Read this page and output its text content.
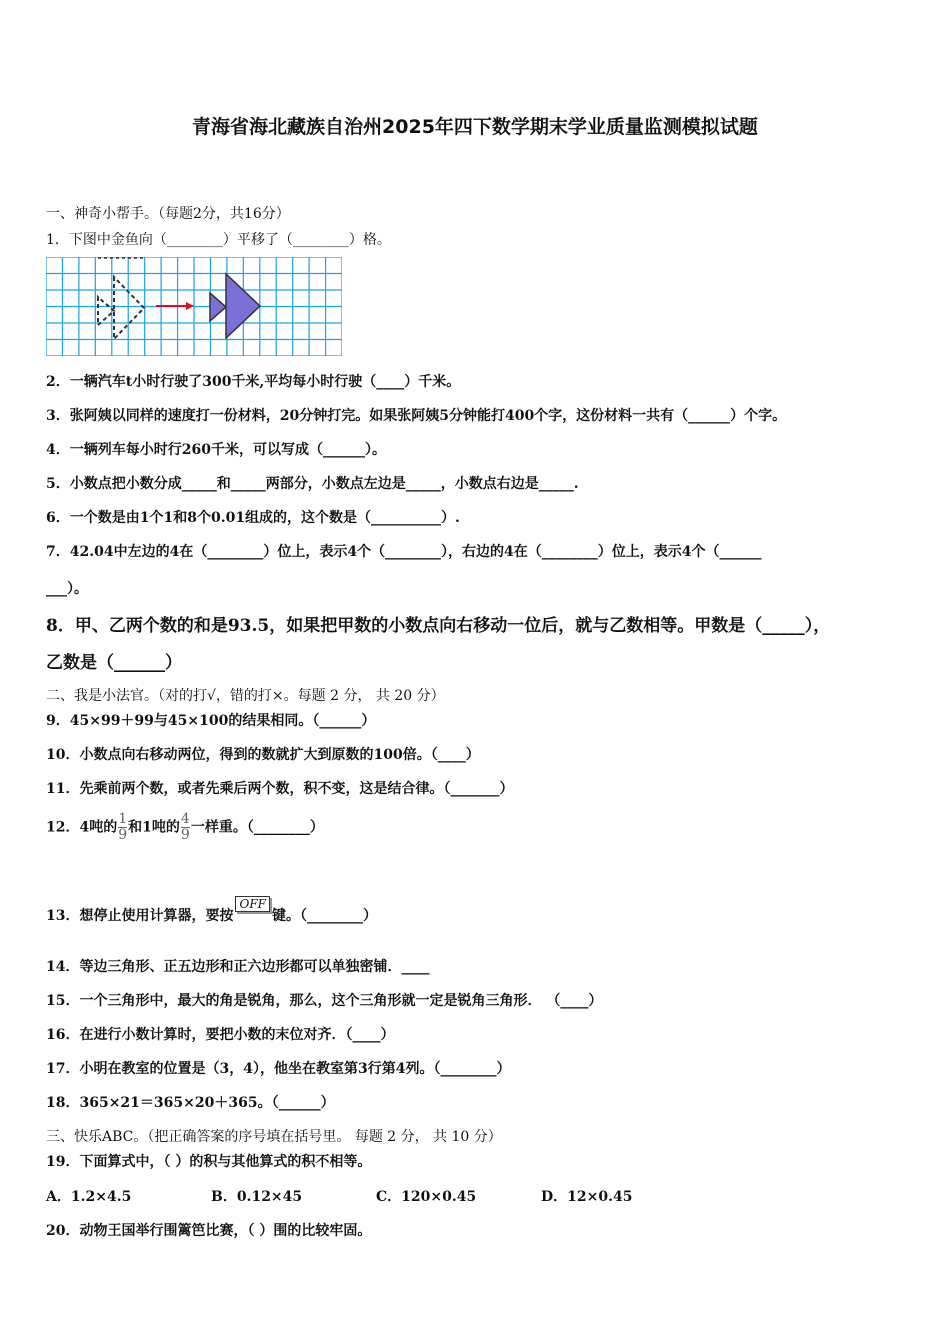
青海省海北藏族自治州2025年四下数学期末学业质量监测模拟试题
一、神奇小帮手。（每题2分，共16分）
1．下图中金鱼向（________）平移了（________）格。
2．一辆汽车t小时行驶了300千米,平均每小时行驶（____）千米。
3．张阿姨以同样的速度打一份材料，20分钟打完。如果张阿姨5分钟能打400个字，这份材料一共有（______）个字。
4．一辆列车每小时行260千米，可以写成（______）。
5．小数点把小数分成_____和_____两部分，小数点左边是_____，小数点右边是_____.
6．一个数是由1个1和8个0.01组成的，这个数是（__________）.
7．42.04中左边的4在（________）位上，表示4个（________），右边的4在（________）位上，表示4个（______
___）。
8．甲、乙两个数的和是93.5，如果把甲数的小数点向右移动一位后，就与乙数相等。甲数是（_____），
乙数是（______）
二、我是小法官。（对的打√，错的打×。每题 2 分， 共 20 分）
9．45×99＋99与45×100的结果相同。（______）
10．小数点向右移动两位，得到的数就扩大到原数的100倍。（____）
11．先乘前两个数，或者先乘后两个数，积不变，这是结合律。（_______）
12．4吨的 $\frac{1}{9}$ 和1吨的 $\frac{4}{9}$ 一样重。（________）
13．想停止使用计算器，要按OFF键。（________）
14．等边三角形、正五边形和正六边形都可以单独密铺．____
15．一个三角形中，最大的角是锐角，那么，这个三角形就一定是锐角三角形． （____）
16．在进行小数计算时，要把小数的末位对齐．（____）
17．小明在教室的位置是（3，4），他坐在教室第3行第4列。（________）
18．365×21＝365×20＋365。（______）
三、快乐ABC。（把正确答案的序号填在括号里。 每题 2 分， 共 10 分）
19．下面算式中，（ ）的积与其他算式的积不相等。
A．1.2×4.5	B．0.12×45	C．120×0.45	D．12×0.45
20．动物王国举行围篱笆比赛，（ ）围的比较牢固。
